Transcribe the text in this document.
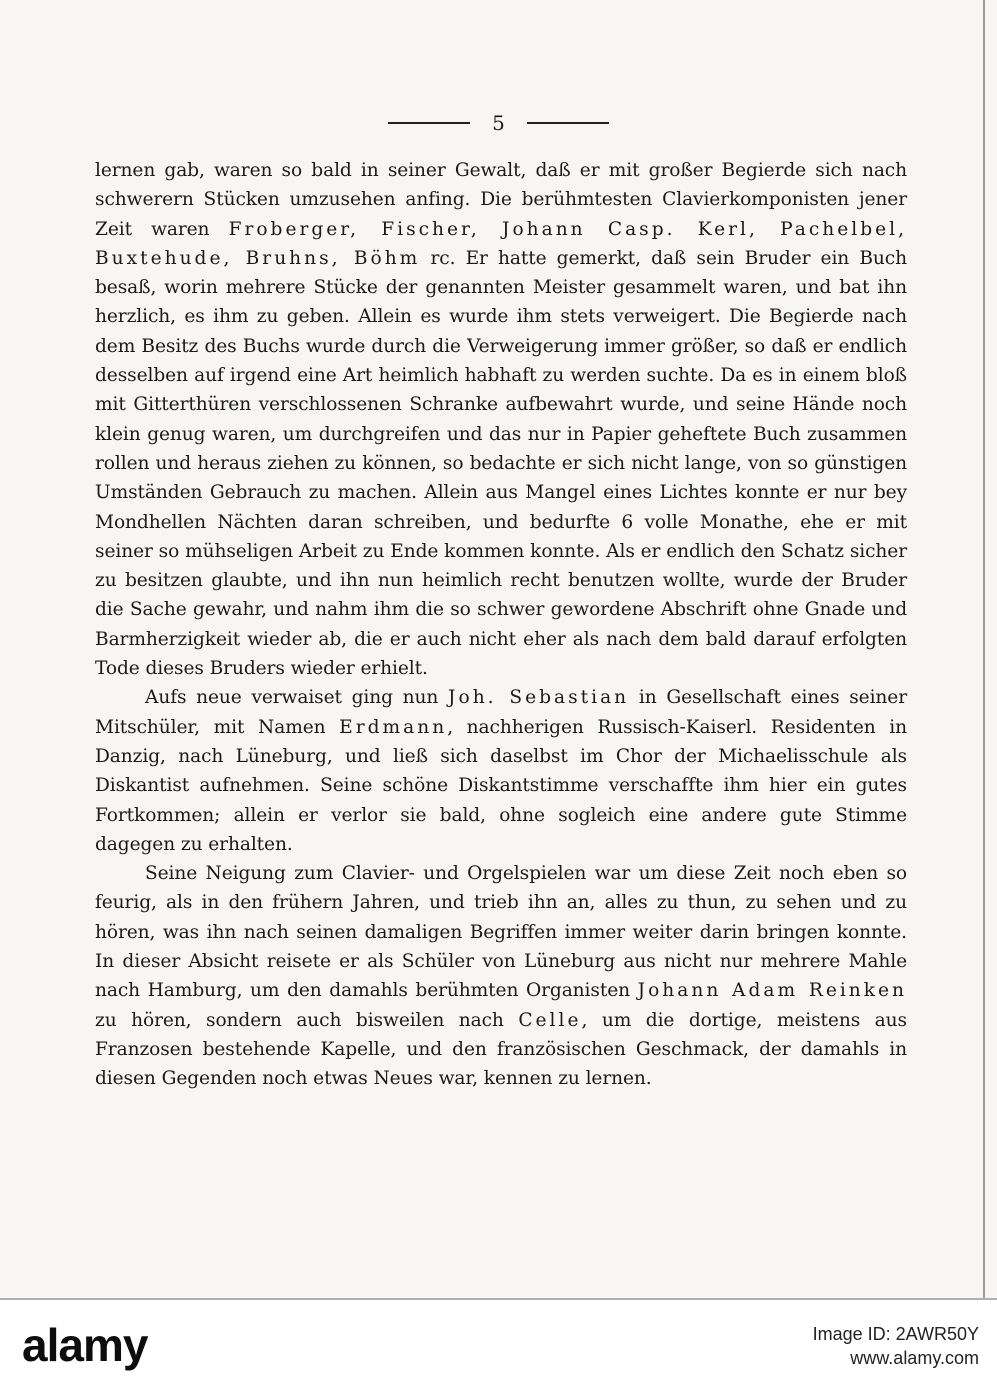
5

lernen gab, waren so bald in seiner Gewalt, daß er mit großer Begierde sich nach schwerern Stücken umzusehen anfing. Die berühmtesten Clavierkomponisten jener Zeit waren Froberger, Fischer, Johann Casp. Kerl, Pachelbel, Buxtehude, Bruhns, Böhm rc. Er hatte gemerkt, daß sein Bruder ein Buch besaß, worin mehrere Stücke der genannten Meister gesammelt waren, und bat ihn herzlich, es ihm zu geben. Allein es wurde ihm stets verweigert. Die Begierde nach dem Besitz des Buchs wurde durch die Verweigerung immer größer, so daß er endlich desselben auf irgend eine Art heimlich habhaft zu werden suchte. Da es in einem bloß mit Gitterthüren verschlossenen Schranke aufbewahrt wurde, und seine Hände noch klein genug waren, um durchgreifen und das nur in Papier geheftete Buch zusammen rollen und heraus ziehen zu können, so bedachte er sich nicht lange, von so günstigen Umständen Gebrauch zu machen. Allein aus Mangel eines Lichtes konnte er nur bey Mondhellen Nächten daran schreiben, und bedurfte 6 volle Monathe, ehe er mit seiner so mühseligen Arbeit zu Ende kommen konnte. Als er endlich den Schatz sicher zu besitzen glaubte, und ihn nun heimlich recht benutzen wollte, wurde der Bruder die Sache gewahr, und nahm ihm die so schwer gewordene Abschrift ohne Gnade und Barmherzigkeit wieder ab, die er auch nicht eher als nach dem bald darauf erfolgten Tode dieses Bruders wieder erhielt.

Aufs neue verwaiset ging nun Joh. Sebastian in Gesellschaft eines seiner Mitschüler, mit Namen Erdmann, nachherigen Russisch-Kaiserl. Residenten in Danzig, nach Lüneburg, und ließ sich daselbst im Chor der Michaelisschule als Diskantist aufnehmen. Seine schöne Diskantstimme verschaffte ihm hier ein gutes Fortkommen; allein er verlor sie bald, ohne sogleich eine andere gute Stimme dagegen zu erhalten.

Seine Neigung zum Clavier- und Orgelspielen war um diese Zeit noch eben so feurig, als in den frühern Jahren, und trieb ihn an, alles zu thun, zu sehen und zu hören, was ihn nach seinen damaligen Begriffen immer weiter darin bringen konnte. In dieser Absicht reisete er als Schüler von Lüneburg aus nicht nur mehrere Mahle nach Hamburg, um den damahls berühmten Organisten Johann Adam Reinken zu hören, sondern auch bisweilen nach Celle, um die dortige, meistens aus Franzosen bestehende Kapelle, und den französischen Geschmack, der damahls in diesen Gegenden noch etwas Neues war, kennen zu lernen.

alamy	Image ID: 2AWR50Y
www.alamy.com
